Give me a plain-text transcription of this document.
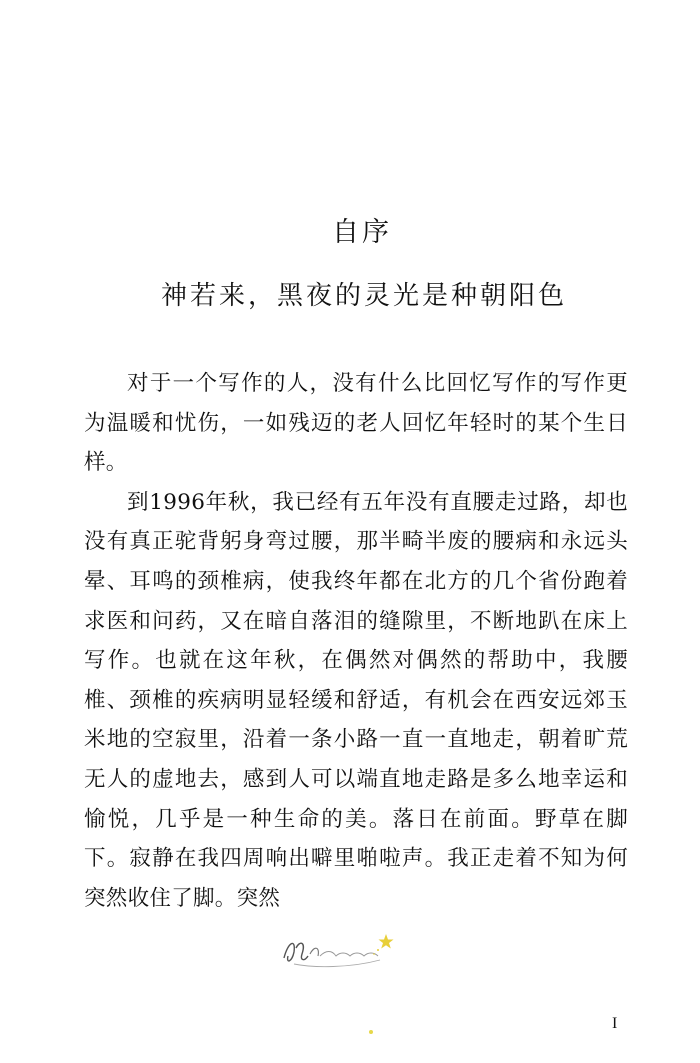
自序
神若来，黑夜的灵光是种朝阳色

对于一个写作的人，没有什么比回忆写作的写作更为温暖和忧伤，一如残迈的老人回忆年轻时的某个生日样。

到1996年秋，我已经有五年没有直腰走过路，却也没有真正驼背躬身弯过腰，那半畸半废的腰病和永远头晕、耳鸣的颈椎病，使我终年都在北方的几个省份跑着求医和问药，又在暗自落泪的缝隙里，不断地趴在床上写作。也就在这年秋，在偶然对偶然的帮助中，我腰椎、颈椎的疾病明显轻缓和舒适，有机会在西安远郊玉米地的空寂里，沿着一条小路一直一直地走，朝着旷荒无人的虚地去，感到人可以端直地走路是多么地幸运和愉悦，几乎是一种生命的美。落日在前面。野草在脚下。寂静在我四周响出噼里啪啦声。我正走着不知为何突然收住了脚。突然

I
